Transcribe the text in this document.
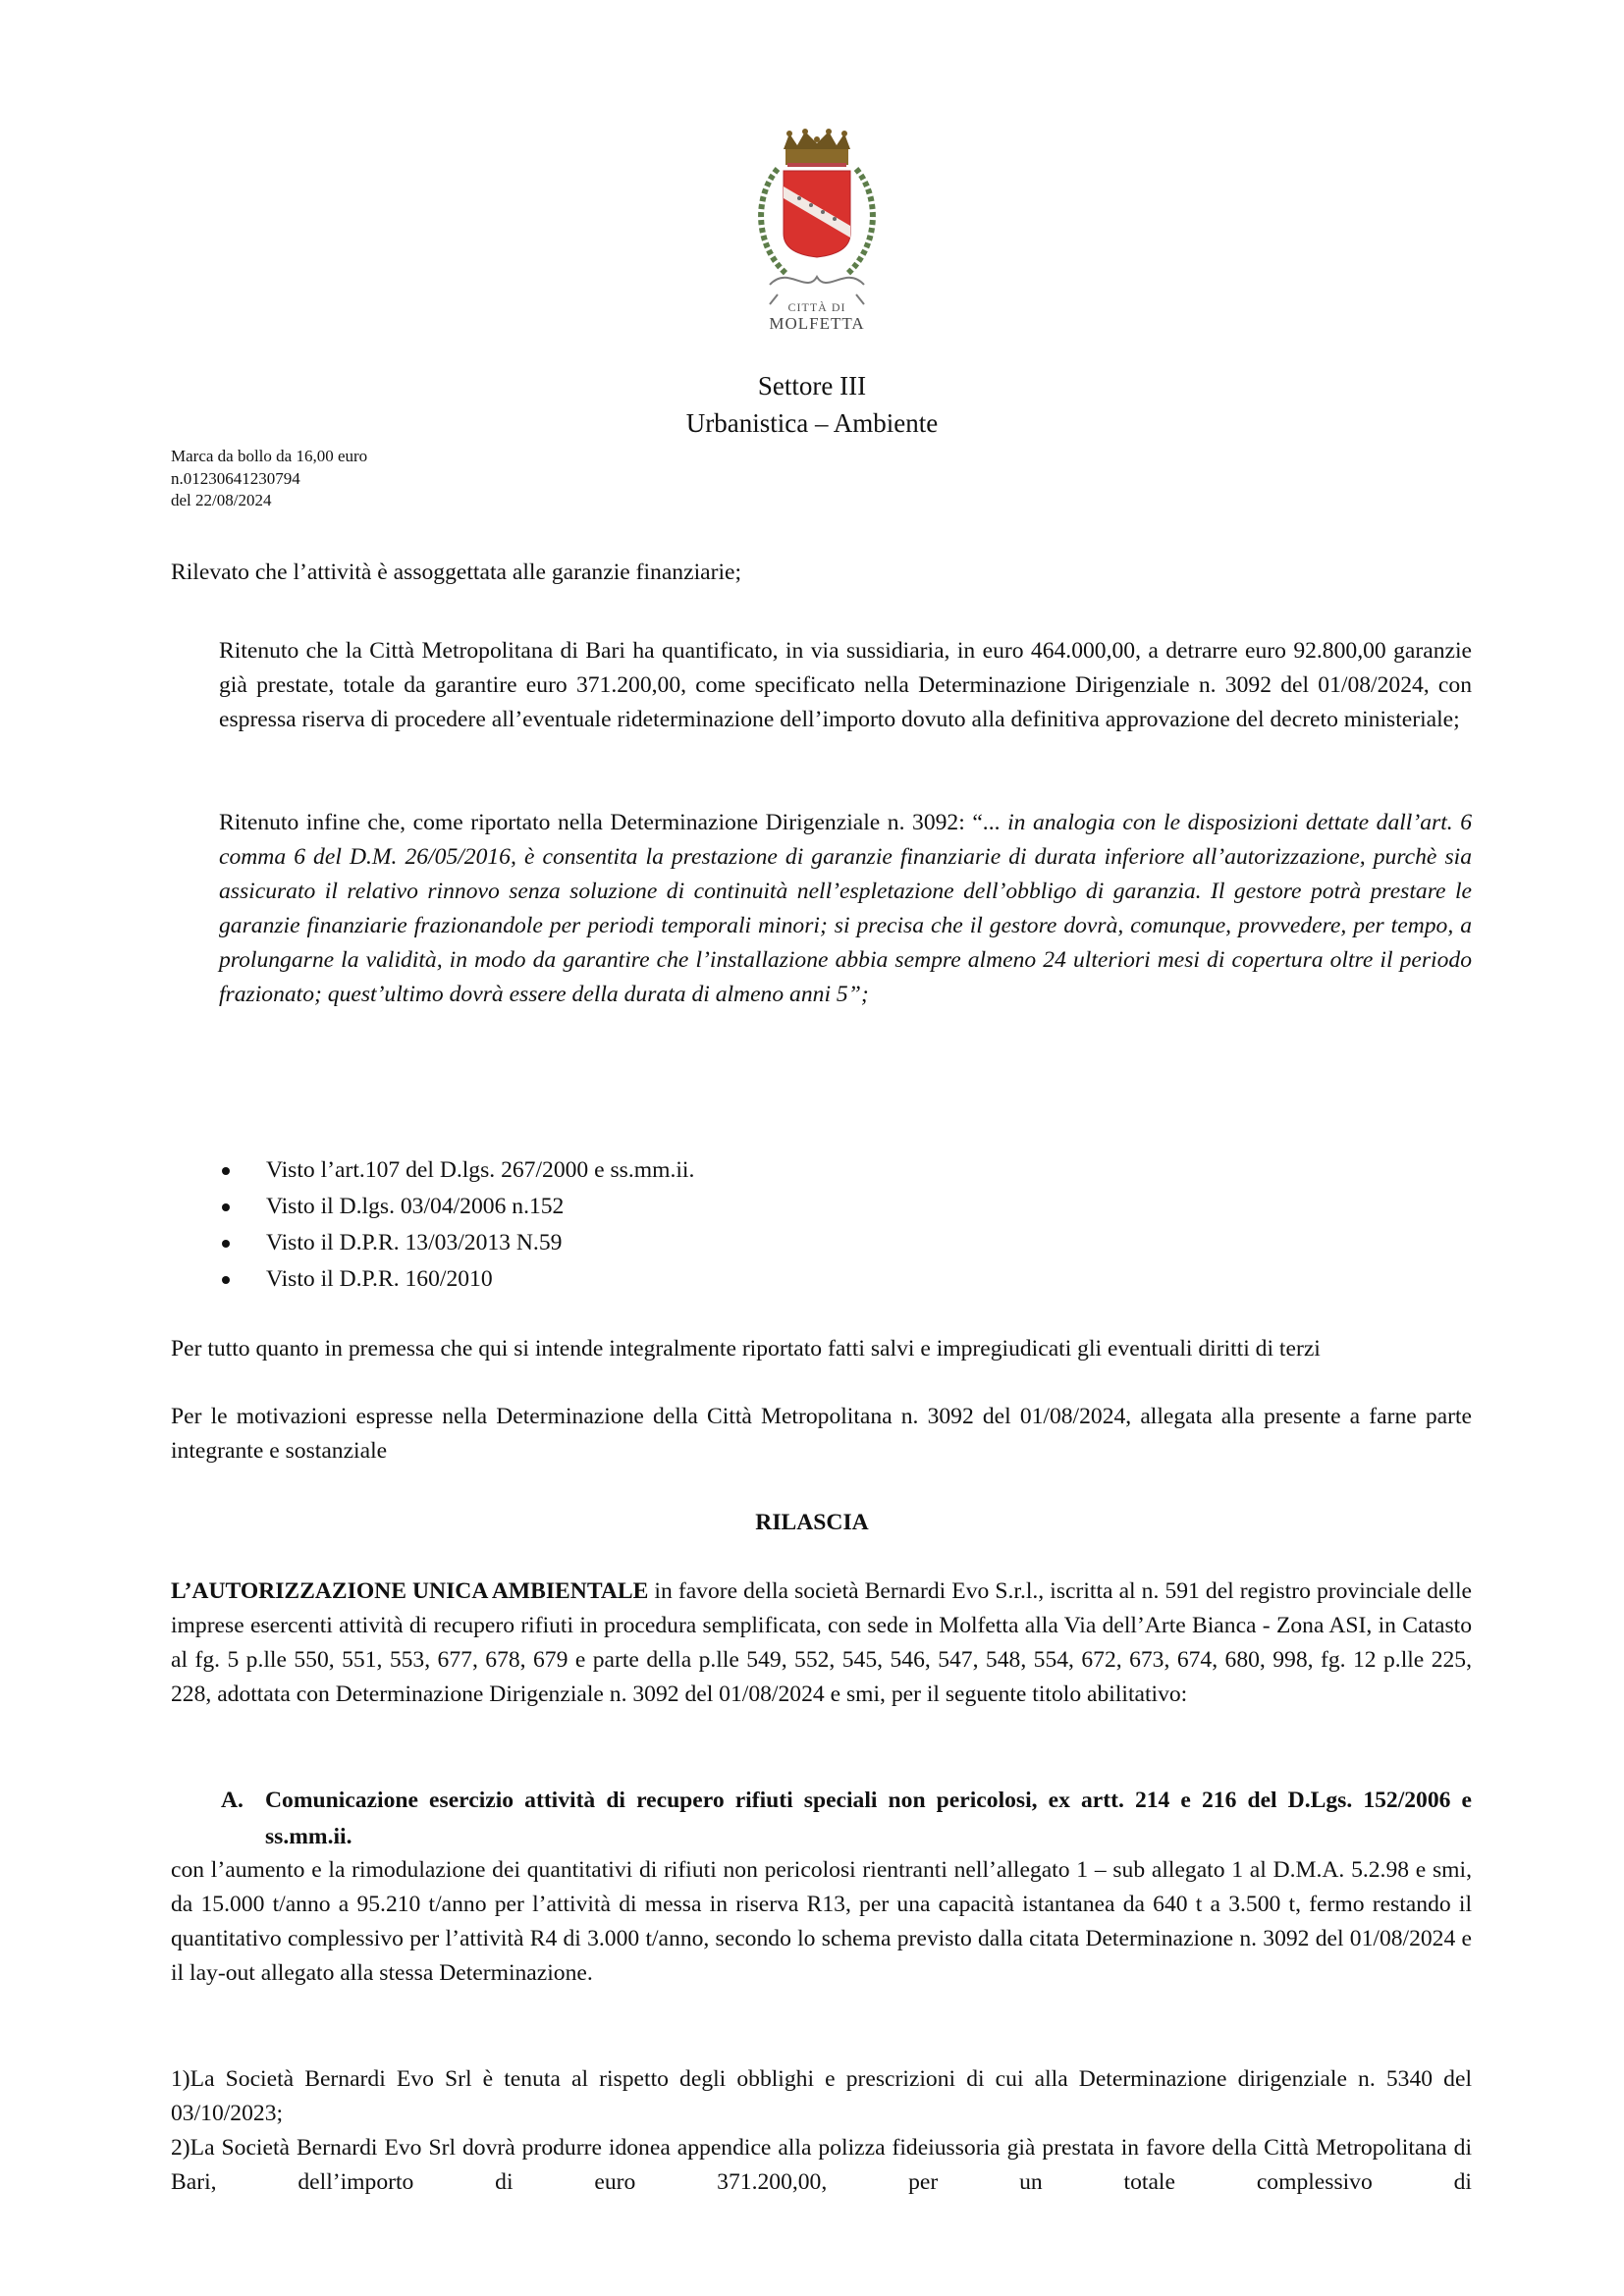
CITTÀ DI
MOLFETTA
Settore III
Urbanistica – Ambiente
Marca da bollo da 16,00 euro
n.01230641230794
del 22/08/2024
Rilevato che l’attività è assoggettata alle garanzie finanziarie;
Ritenuto che la Città Metropolitana di Bari ha quantificato, in via sussidiaria, in euro 464.000,00, a detrarre euro 92.800,00 garanzie già prestate, totale da garantire euro 371.200,00, come specificato nella Determinazione Dirigenziale n. 3092 del 01/08/2024, con espressa riserva di procedere all’eventuale rideterminazione dell’importo dovuto alla definitiva approvazione del decreto ministeriale;
Ritenuto infine che, come riportato nella Determinazione Dirigenziale n. 3092: “... in analogia con le disposizioni dettate dall’art. 6 comma 6 del D.M. 26/05/2016, è consentita la prestazione di garanzie finanziarie di durata inferiore all’autorizzazione, purchè sia assicurato il relativo rinnovo senza soluzione di continuità nell’espletazione dell’obbligo di garanzia. Il gestore potrà prestare le garanzie finanziarie frazionandole per periodi temporali minori; si precisa che il gestore dovrà, comunque, provvedere, per tempo, a prolungarne la validità, in modo da garantire che l’installazione abbia sempre almeno 24 ulteriori mesi di copertura oltre il periodo frazionato; quest’ultimo dovrà essere della durata di almeno anni 5”;
Visto l’art.107 del D.lgs. 267/2000 e ss.mm.ii.
Visto il D.lgs. 03/04/2006 n.152
Visto il D.P.R. 13/03/2013 N.59
Visto il D.P.R. 160/2010
Per tutto quanto in premessa che qui si intende integralmente riportato fatti salvi e impregiudicati gli eventuali diritti di terzi
Per le motivazioni espresse nella Determinazione della Città Metropolitana n. 3092 del 01/08/2024, allegata alla presente a farne parte integrante e sostanziale
RILASCIA
L’AUTORIZZAZIONE UNICA AMBIENTALE in favore della società Bernardi Evo S.r.l., iscritta al n. 591 del registro provinciale delle imprese esercenti attività di recupero rifiuti in procedura semplificata, con sede in Molfetta alla Via dell’Arte Bianca - Zona ASI, in Catasto al fg. 5 p.lle 550, 551, 553, 677, 678, 679 e parte della p.lle 549, 552, 545, 546, 547, 548, 554, 672, 673, 674, 680, 998, fg. 12 p.lle 225, 228, adottata con Determinazione Dirigenziale n. 3092 del 01/08/2024 e smi, per il seguente titolo abilitativo:
A. Comunicazione esercizio attività di recupero rifiuti speciali non pericolosi, ex artt. 214 e 216 del D.Lgs. 152/2006 e ss.mm.ii.
con l’aumento e la rimodulazione dei quantitativi di rifiuti non pericolosi rientranti nell’allegato 1 – sub allegato 1 al D.M.A. 5.2.98 e smi, da 15.000 t/anno a 95.210 t/anno per l’attività di messa in riserva R13, per una capacità istantanea da 640 t a 3.500 t, fermo restando il quantitativo complessivo per l’attività R4 di 3.000 t/anno, secondo lo schema previsto dalla citata Determinazione n. 3092 del 01/08/2024 e il lay-out allegato alla stessa Determinazione.
1)La Società Bernardi Evo Srl è tenuta al rispetto degli obblighi e prescrizioni di cui alla Determinazione dirigenziale n. 5340 del 03/10/2023;
2)La Società Bernardi Evo Srl dovrà produrre idonea appendice alla polizza fideiussoria già prestata in favore della Città Metropolitana di Bari, dell’importo di euro 371.200,00, per un totale complessivo di
